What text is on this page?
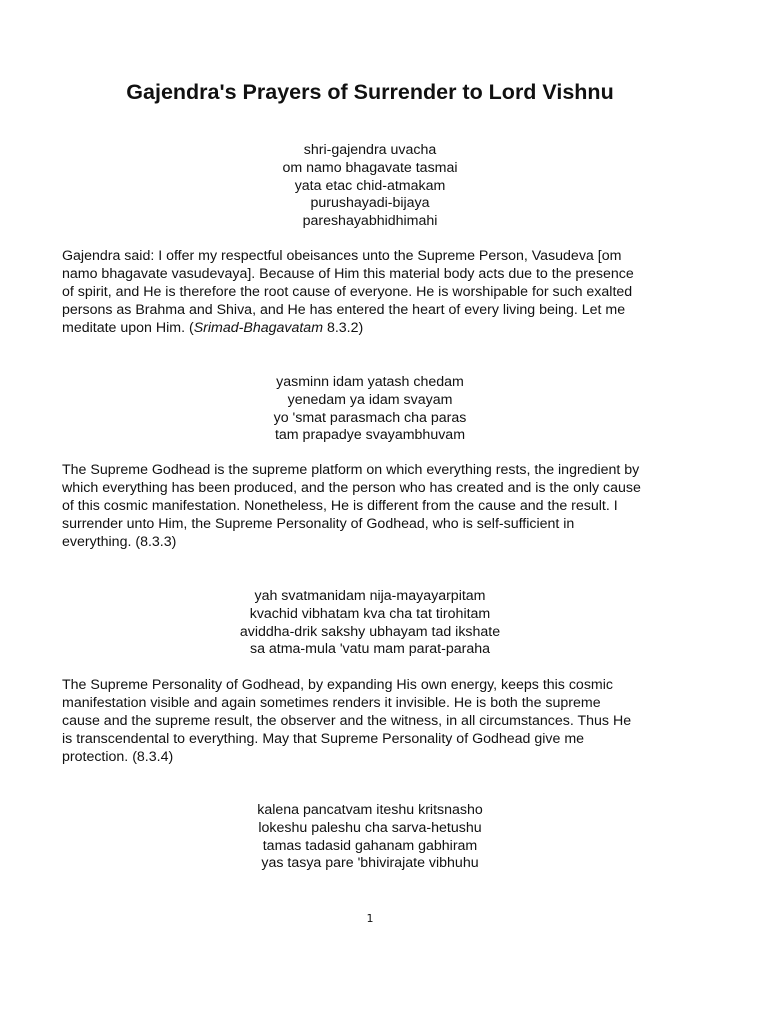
Gajendra's Prayers of Surrender to Lord Vishnu
shri-gajendra uvacha
om namo bhagavate tasmai
yata etac chid-atmakam
purushayadi-bijaya
pareshayabhidhimahi
Gajendra said: I offer my respectful obeisances unto the Supreme Person, Vasudeva [om
namo bhagavate vasudevaya]. Because of Him this material body acts due to the presence
of spirit, and He is therefore the root cause of everyone. He is worshipable for such exalted
persons as Brahma and Shiva, and He has entered the heart of every living being. Let me
meditate upon Him. (Srimad-Bhagavatam 8.3.2)
yasminn idam yatash chedam
yenedam ya idam svayam
yo 'smat parasmach cha paras
tam prapadye svayambhuvam
The Supreme Godhead is the supreme platform on which everything rests, the ingredient by
which everything has been produced, and the person who has created and is the only cause
of this cosmic manifestation. Nonetheless, He is different from the cause and the result. I
surrender unto Him, the Supreme Personality of Godhead, who is self-sufficient in
everything. (8.3.3)
yah svatmanidam nija-mayayarpitam
kvachid vibhatam kva cha tat tirohitam
aviddha-drik sakshy ubhayam tad ikshate
sa atma-mula 'vatu mam parat-paraha
The Supreme Personality of Godhead, by expanding His own energy, keeps this cosmic
manifestation visible and again sometimes renders it invisible. He is both the supreme
cause and the supreme result, the observer and the witness, in all circumstances. Thus He
is transcendental to everything. May that Supreme Personality of Godhead give me
protection. (8.3.4)
kalena pancatvam iteshu kritsnasho
lokeshu paleshu cha sarva-hetushu
tamas tadasid gahanam gabhiram
yas tasya pare 'bhivirajate vibhuhu
1
